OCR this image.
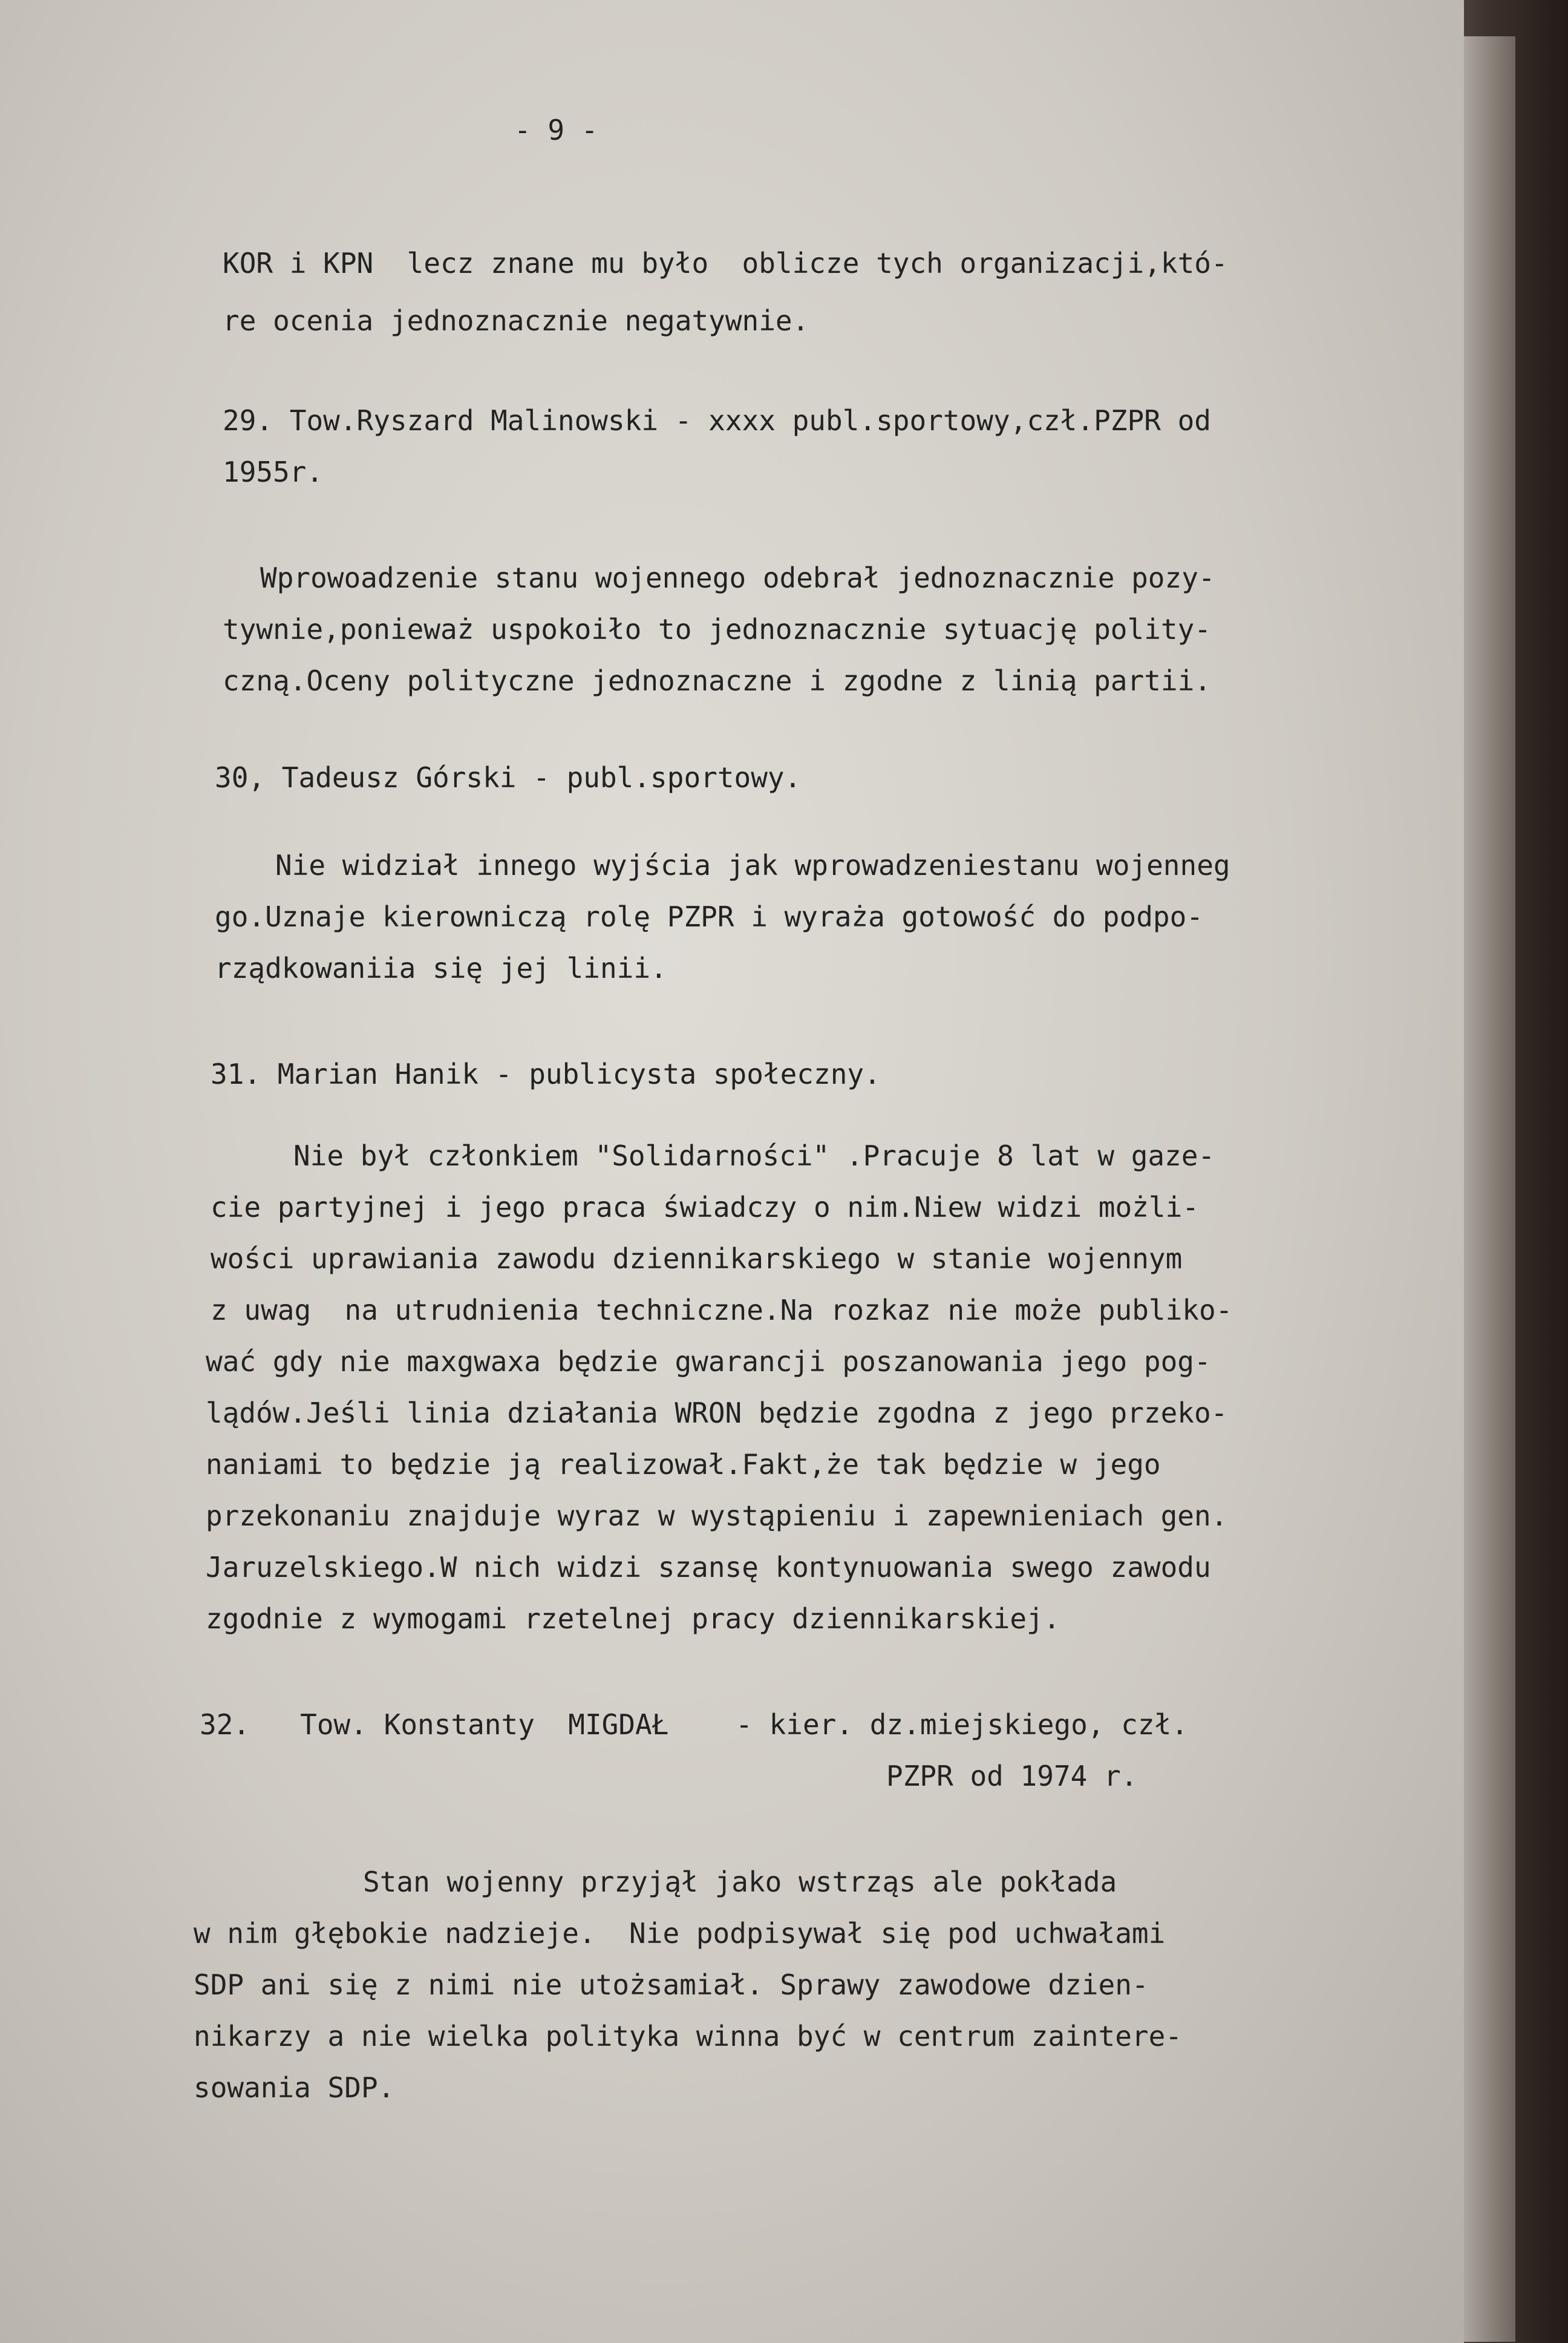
- 9 -
KOR i KPN  lecz znane mu było  oblicze tych organizacji,któ-
re ocenia jednoznacznie negatywnie.
29. Tow.Ryszard Malinowski - xxxx publ.sportowy,czł.PZPR od
1955r.
Wprowoadzenie stanu wojennego odebrał jednoznacznie pozy-
tywnie,ponieważ uspokoiło to jednoznacznie sytuację polity-
czną.Oceny polityczne jednoznaczne i zgodne z linią partii.
30, Tadeusz Górski - publ.sportowy.
Nie widział innego wyjścia jak wprowadzeniestanu wojenneg
go.Uznaje kierowniczą rolę PZPR i wyraża gotowość do podpo-
rządkowaniia się jej linii.
31. Marian Hanik - publicysta społeczny.
Nie był członkiem "Solidarności" .Pracuje 8 lat w gaze-
cie partyjnej i jego praca świadczy o nim.Niew widzi możli-
wości uprawiania zawodu dziennikarskiego w stanie wojennym
z uwag  na utrudnienia techniczne.Na rozkaz nie może publiko-
wać gdy nie maxgwaxa będzie gwarancji poszanowania jego pog-
lądów.Jeśli linia działania WRON będzie zgodna z jego przeko-
naniami to będzie ją realizował.Fakt,że tak będzie w jego
przekonaniu znajduje wyraz w wystąpieniu i zapewnieniach gen.
Jaruzelskiego.W nich widzi szansę kontynuowania swego zawodu
zgodnie z wymogami rzetelnej pracy dziennikarskiej.
32.   Tow. Konstanty  MIGDAŁ    - kier. dz.miejskiego, czł.
PZPR od 1974 r.
Stan wojenny przyjął jako wstrząs ale pokłada
w nim głębokie nadzieje.  Nie podpisywał się pod uchwałami
SDP ani się z nimi nie utożsamiał. Sprawy zawodowe dzien-
nikarzy a nie wielka polityka winna być w centrum zaintere-
sowania SDP.
